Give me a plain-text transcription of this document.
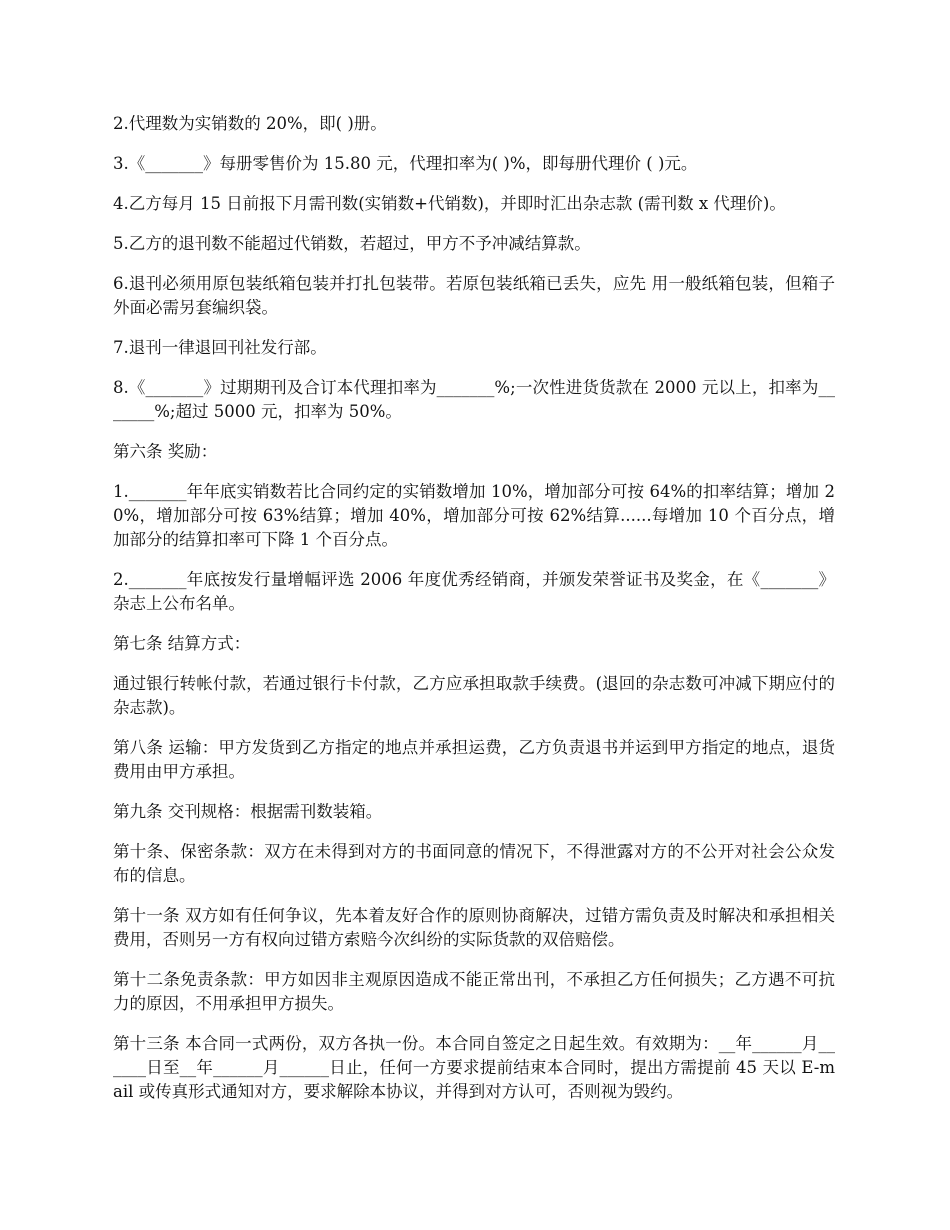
2.代理数为实销数的 20%，即( )册。

3.《_______》每册零售价为 15.80 元，代理扣率为( )%，即每册代理价 ( )元。

4.乙方每月 15 日前报下月需刊数(实销数+代销数)，并即时汇出杂志款 (需刊数 x 代理价)。

5.乙方的退刊数不能超过代销数，若超过，甲方不予冲减结算款。

6.退刊必须用原包装纸箱包装并打扎包装带。若原包装纸箱已丢失，应先 用一般纸箱包装，但箱子外面必需另套编织袋。

7.退刊一律退回刊社发行部。

8.《_______》过期期刊及合订本代理扣率为_______%;一次性进货货款在 2000 元以上，扣率为_______%;超过 5000 元，扣率为 50%。

第六条 奖励：

1._______年年底实销数若比合同约定的实销数增加 10%，增加部分可按 64%的扣率结算；增加 20%，增加部分可按 63%结算；增加 40%，增加部分可按 62%结算......每增加 10 个百分点，增加部分的结算扣率可下降 1 个百分点。

2._______年底按发行量增幅评选 2006 年度优秀经销商，并颁发荣誉证书及奖金，在《_______》杂志上公布名单。

第七条 结算方式：

通过银行转帐付款，若通过银行卡付款，乙方应承担取款手续费。(退回的杂志数可冲减下期应付的杂志款)。

第八条 运输：甲方发货到乙方指定的地点并承担运费，乙方负责退书并运到甲方指定的地点，退货费用由甲方承担。

第九条 交刊规格：根据需刊数装箱。

第十条、保密条款：双方在未得到对方的书面同意的情况下，不得泄露对方的不公开对社会公众发布的信息。

第十一条 双方如有任何争议，先本着友好合作的原则协商解决，过错方需负责及时解决和承担相关费用，否则另一方有权向过错方索赔今次纠纷的实际货款的双倍赔偿。

第十二条免责条款：甲方如因非主观原因造成不能正常出刊，不承担乙方任何损失；乙方遇不可抗力的原因，不用承担甲方损失。

第十三条 本合同一式两份，双方各执一份。本合同自签定之日起生效。有效期为：__年______月______日至__年______月______日止，任何一方要求提前结束本合同时，提出方需提前 45 天以 E-mail 或传真形式通知对方，要求解除本协议，并得到对方认可，否则视为毁约。
